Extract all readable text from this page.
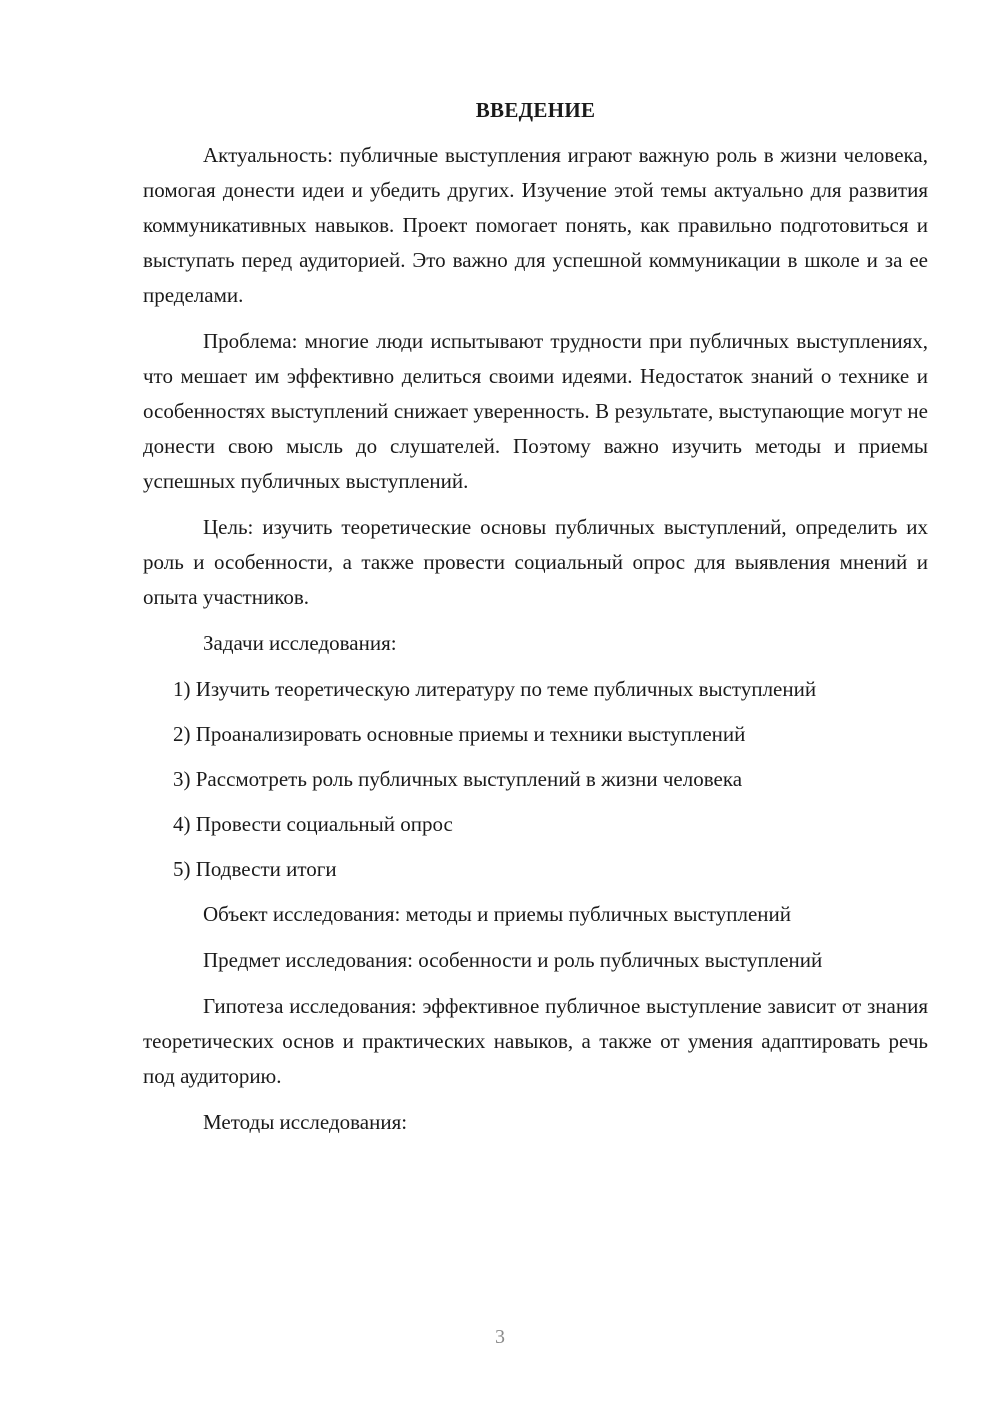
ВВЕДЕНИЕ

Актуальность: публичные выступления играют важную роль в жизни человека, помогая донести идеи и убедить других. Изучение этой темы актуально для развития коммуникативных навыков. Проект помогает понять, как правильно подготовиться и выступать перед аудиторией. Это важно для успешной коммуникации в школе и за ее пределами.

Проблема: многие люди испытывают трудности при публичных выступлениях, что мешает им эффективно делиться своими идеями. Недостаток знаний о технике и особенностях выступлений снижает уверенность. В результате, выступающие могут не донести свою мысль до слушателей. Поэтому важно изучить методы и приемы успешных публичных выступлений.

Цель: изучить теоретические основы публичных выступлений, определить их роль и особенности, а также провести социальный опрос для выявления мнений и опыта участников.

Задачи исследования:

1) Изучить теоретическую литературу по теме публичных выступлений

2) Проанализировать основные приемы и техники выступлений

3) Рассмотреть роль публичных выступлений в жизни человека

4) Провести социальный опрос

5) Подвести итоги

Объект исследования: методы и приемы публичных выступлений

Предмет исследования: особенности и роль публичных выступлений

Гипотеза исследования: эффективное публичное выступление зависит от знания теоретических основ и практических навыков, а также от умения адаптировать речь под аудиторию.

Методы исследования:

3
